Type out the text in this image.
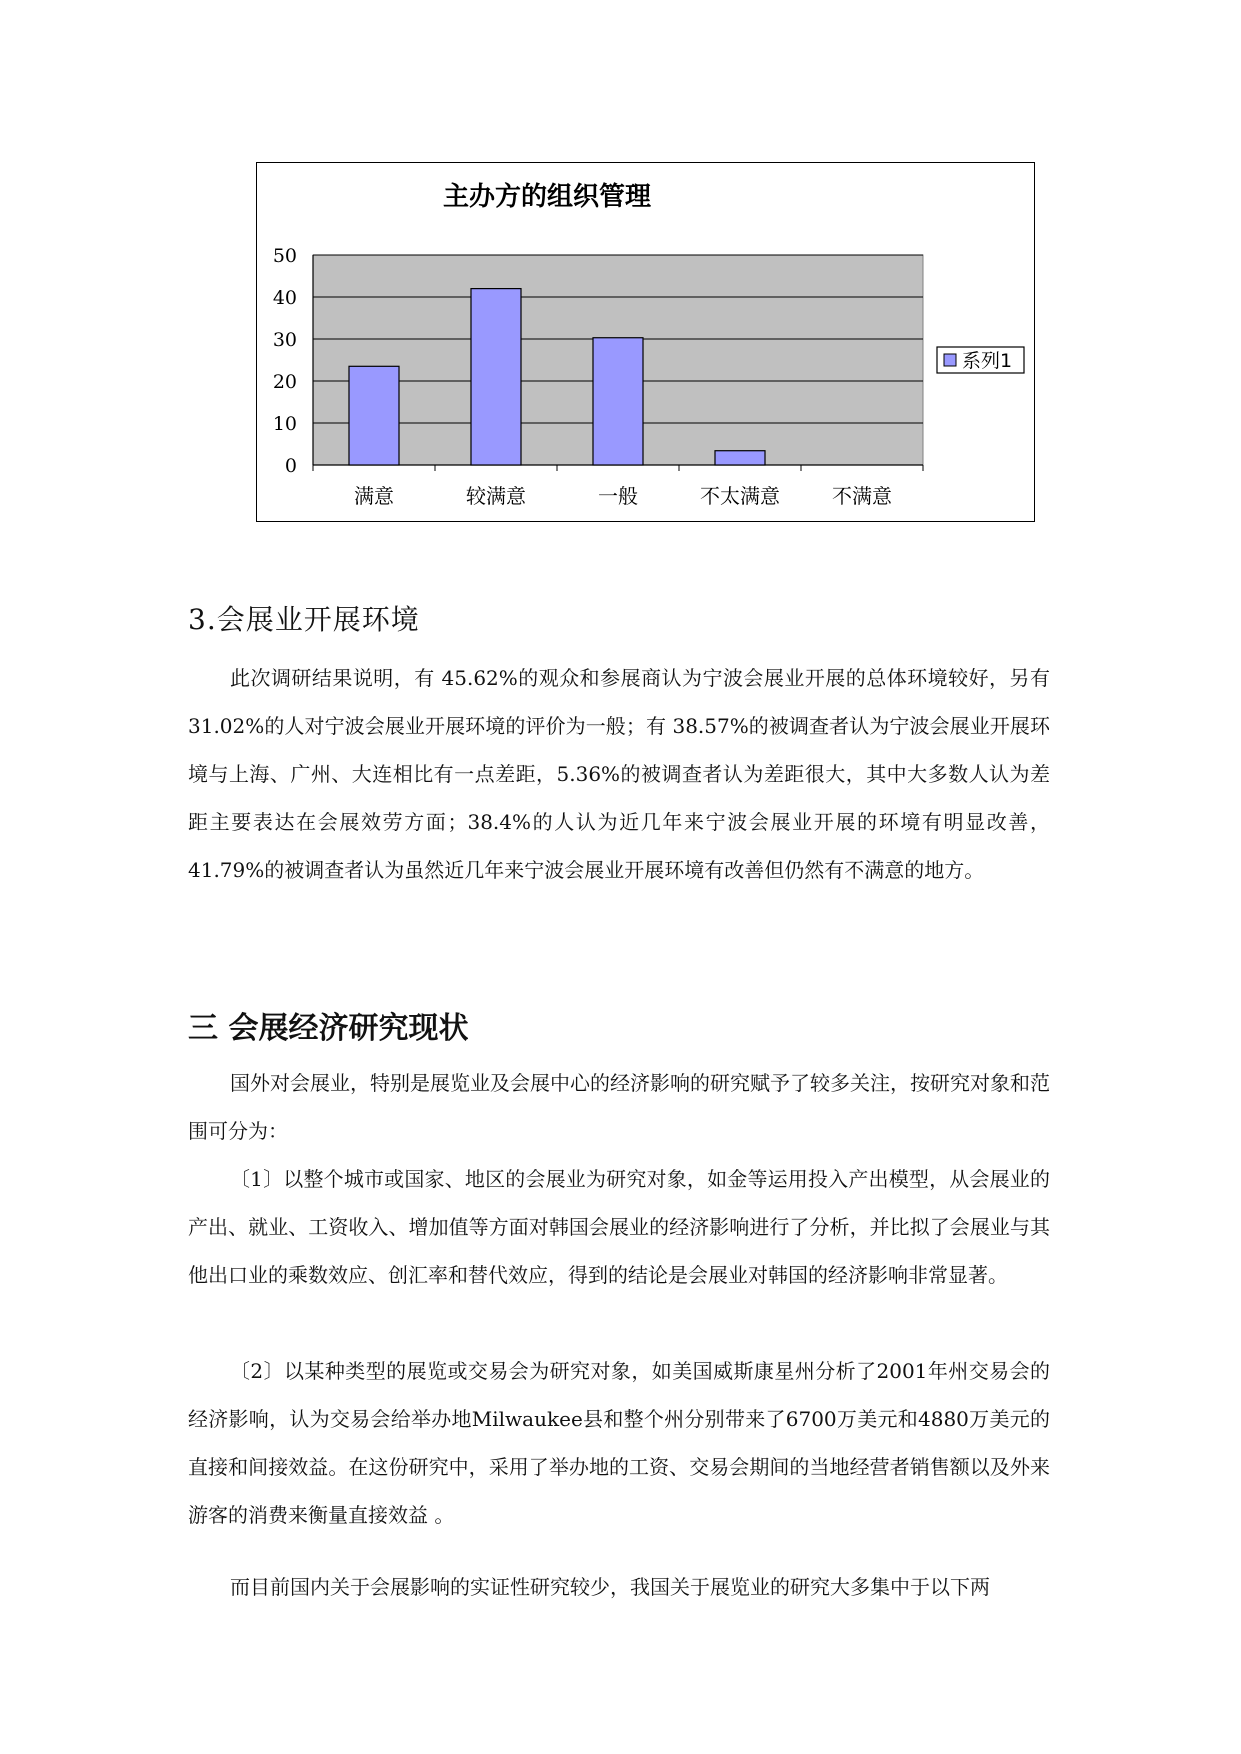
主办方的组织管理
50
40
30
20
10
0
满意	较满意	一般	不太满意	不满意
系列1
3.会展业开展环境

此次调研结果说明，有 45.62%的观众和参展商认为宁波会展业开展的总体环境较好，另有 31.02%的人对宁波会展业开展环境的评价为一般；有 38.57%的被调查者认为宁波会展业开展环境与上海、广州、大连相比有一点差距，5.36%的被调查者认为差距很大，其中大多数人认为差距主要表达在会展效劳方面；38.4%的人认为近几年来宁波会展业开展的环境有明显改善，41.79%的被调查者认为虽然近几年来宁波会展业开展环境有改善但仍然有不满意的地方。

三 会展经济研究现状

国外对会展业，特别是展览业及会展中心的经济影响的研究赋予了较多关注，按研究对象和范围可分为：

〔1〕以整个城市或国家、地区的会展业为研究对象，如金等运用投入产出模型，从会展业的产出、就业、工资收入、增加值等方面对韩国会展业的经济影响进行了分析，并比拟了会展业与其他出口业的乘数效应、创汇率和替代效应，得到的结论是会展业对韩国的经济影响非常显著。

〔2〕以某种类型的展览或交易会为研究对象，如美国威斯康星州分析了2001年州交易会的经济影响，认为交易会给举办地Milwaukee县和整个州分别带来了6700万美元和4880万美元的直接和间接效益。在这份研究中，采用了举办地的工资、交易会期间的当地经营者销售额以及外来游客的消费来衡量直接效益 。

而目前国内关于会展影响的实证性研究较少，我国关于展览业的研究大多集中于以下两
